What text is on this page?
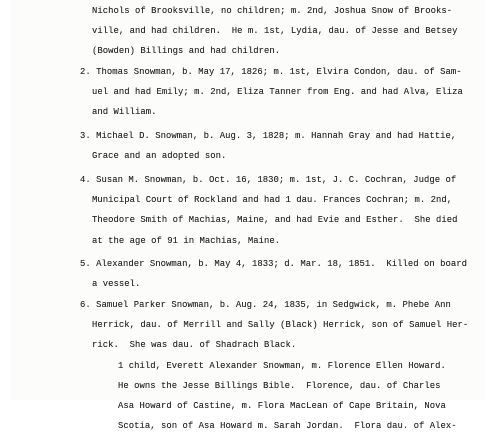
Nichols of Brooksville, no children; m. 2nd, Joshua Snow of Brooks-
ville, and had children.  He m. 1st, Lydia, dau. of Jesse and Betsey
(Bowden) Billings and had children.
2. Thomas Snowman, b. May 17, 1826; m. 1st, Elvira Condon, dau. of Sam-
uel and had Emily; m. 2nd, Eliza Tanner from Eng. and had Alva, Eliza
and William.
3. Michael D. Snowman, b. Aug. 3, 1828; m. Hannah Gray and had Hattie,
Grace and an adopted son.
4. Susan M. Snowman, b. Oct. 16, 1830; m. 1st, J. C. Cochran, Judge of
Municipal Court of Rockland and had 1 dau. Frances Cochran; m. 2nd,
Theodore Smith of Machias, Maine, and had Evie and Esther.  She died
at the age of 91 in Machias, Maine.
5. Alexander Snowman, b. May 4, 1833; d. Mar. 18, 1851.  Killed on board
a vessel.
6. Samuel Parker Snowman, b. Aug. 24, 1835, in Sedgwick, m. Phebe Ann
Herrick, dau. of Merrill and Sally (Black) Herrick, son of Samuel Her-
rick.  She was dau. of Shadrach Black.
1 child, Everett Alexander Snowman, m. Florence Ellen Howard.
He owns the Jesse Billings Bible.  Florence, dau. of Charles
Asa Howard of Castine, m. Flora MacLean of Cape Britain, Nova
Scotia, son of Asa Howard m. Sarah Jordan.  Flora dau. of Alex-
